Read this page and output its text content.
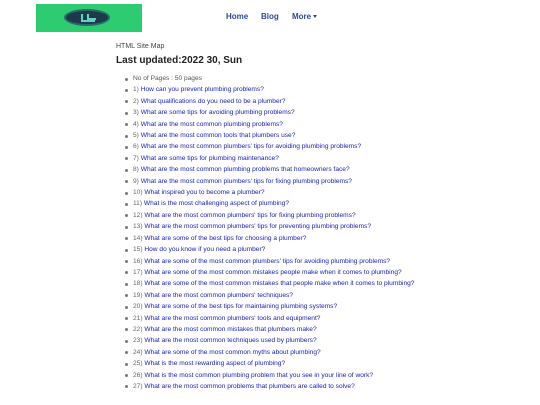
Home Blog More
HTML Site Map
Last updated:2022 30, Sun
No of Pages : 50 pages
1) How can you prevent plumbing problems?
2) What qualifications do you need to be a plumber?
3) What are some tips for avoiding plumbing problems?
4) What are the most common plumbing problems?
5) What are the most common tools that plumbers use?
6) What are the most common plumbers' tips for avoiding plumbing problems?
7) What are some tips for plumbing maintenance?
8) What are the most common plumbing problems that homeowners face?
9) What are the most common plumbers' tips for fixing plumbing problems?
10) What inspired you to become a plumber?
11) What is the most challenging aspect of plumbing?
12) What are the most common plumbers' tips for fixing plumbing problems?
13) What are the most common plumbers' tips for preventing plumbing problems?
14) What are some of the best tips for choosing a plumber?
15) How do you know if you need a plumber?
16) What are some of the most common plumbers' tips for avoiding plumbing problems?
17) What are some of the most common mistakes people make when it comes to plumbing?
18) What are some of the most common mistakes that people make when it comes to plumbing?
19) What are the most common plumbers' techniques?
20) What are some of the best tips for maintaining plumbing systems?
21) What are the most common plumbers' tools and equipment?
22) What are the most common mistakes that plumbers make?
23) What are the most common techniques used by plumbers?
24) What are some of the most common myths about plumbing?
25) What is the most rewarding aspect of plumbing?
26) What is the most common plumbing problem that you see in your line of work?
27) What are the most common problems that plumbers are called to solve?
